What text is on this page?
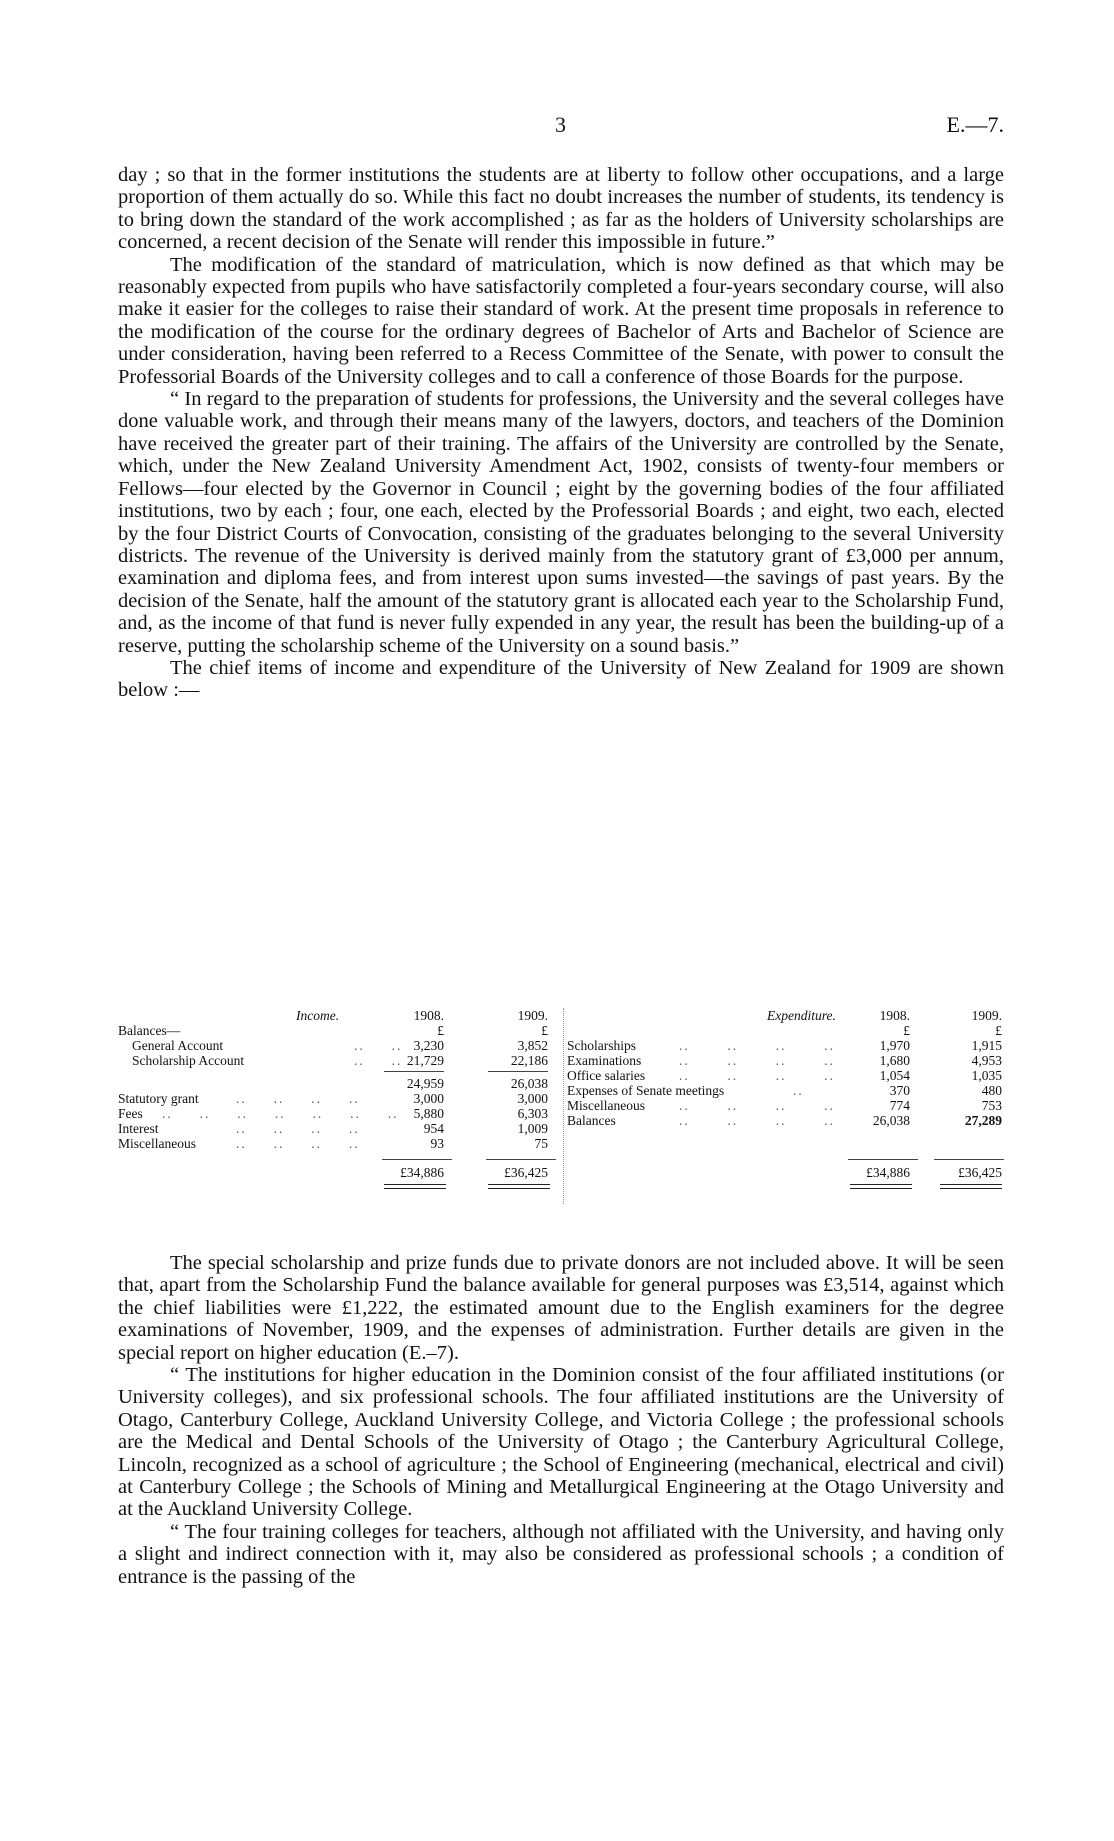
3	E.—7.

day ; so that in the former institutions the students are at liberty to follow other occupations, and a large proportion of them actually do so. While this fact no doubt increases the number of students, its tendency is to bring down the standard of the work accomplished ; as far as the holders of University scholarships are concerned, a recent decision of the Senate will render this impossible in future.”

The modification of the standard of matriculation, which is now defined as that which may be reasonably expected from pupils who have satisfactorily completed a four-years secondary course, will also make it easier for the colleges to raise their standard of work. At the present time proposals in reference to the modification of the course for the ordinary degrees of Bachelor of Arts and Bachelor of Science are under consideration, having been referred to a Recess Committee of the Senate, with power to consult the Professorial Boards of the University colleges and to call a conference of those Boards for the purpose.

“ In regard to the preparation of students for professions, the University and the several colleges have done valuable work, and through their means many of the lawyers, doctors, and teachers of the Dominion have received the greater part of their training. The affairs of the University are controlled by the Senate, which, under the New Zealand University Amendment Act, 1902, consists of twenty-four members or Fellows—four elected by the Governor in Council ; eight by the governing bodies of the four affiliated institutions, two by each ; four, one each, elected by the Professorial Boards ; and eight, two each, elected by the four District Courts of Convocation, consisting of the graduates belonging to the several University districts. The revenue of the University is derived mainly from the statutory grant of £3,000 per annum, examination and diploma fees, and from interest upon sums invested—the savings of past years. By the decision of the Senate, half the amount of the statutory grant is allocated each year to the Scholarship Fund, and, as the income of that fund is never fully expended in any year, the result has been the building-up of a reserve, putting the scholarship scheme of the University on a sound basis.”

The chief items of income and expenditure of the University of New Zealand for 1909 are shown below :—

Income.	1908.	1909.
Balances—	£	£
General Account	..     .. 3,230	3,852
Scholarship Account	..     .. 21,729	22,186
24,959	26,038
Statutory grant	..     ..     ..     ..	3,000	3,000
Fees ..     ..     ..     ..     ..     ..     ..	5,880	6,303
Interest	..     ..     ..     ..	954	1,009
Miscellaneous	..     ..     ..     ..	93	75
£34,886	£36,425
Expenditure.	1908.	1909.
£	£
Scholarships	..       ..       ..       ..	1,970	1,915
Examinations	..       ..       ..       ..	1,680	4,953
Office salaries	..       ..       ..       ..	1,054	1,035
Expenses of Senate meetings	..	370	480
Miscellaneous	..       ..       ..       ..	774	753
Balances	..       ..       ..       ..	26,038	27,289
£34,886	£36,425

The special scholarship and prize funds due to private donors are not included above. It will be seen that, apart from the Scholarship Fund the balance available for general purposes was £3,514, against which the chief liabilities were £1,222, the estimated amount due to the English examiners for the degree examinations of November, 1909, and the expenses of administration. Further details are given in the special report on higher education (E.–7).

“ The institutions for higher education in the Dominion consist of the four affiliated institutions (or University colleges), and six professional schools. The four affiliated institutions are the University of Otago, Canterbury College, Auckland University College, and Victoria College ; the professional schools are the Medical and Dental Schools of the University of Otago ; the Canterbury Agricultural College, Lincoln, recognized as a school of agriculture ; the School of Engineering (mechanical, electrical and civil) at Canterbury College ; the Schools of Mining and Metallurgical Engineering at the Otago University and at the Auckland University College.

“ The four training colleges for teachers, although not affiliated with the University, and having only a slight and indirect connection with it, may also be considered as professional schools ; a condition of entrance is the passing of the
